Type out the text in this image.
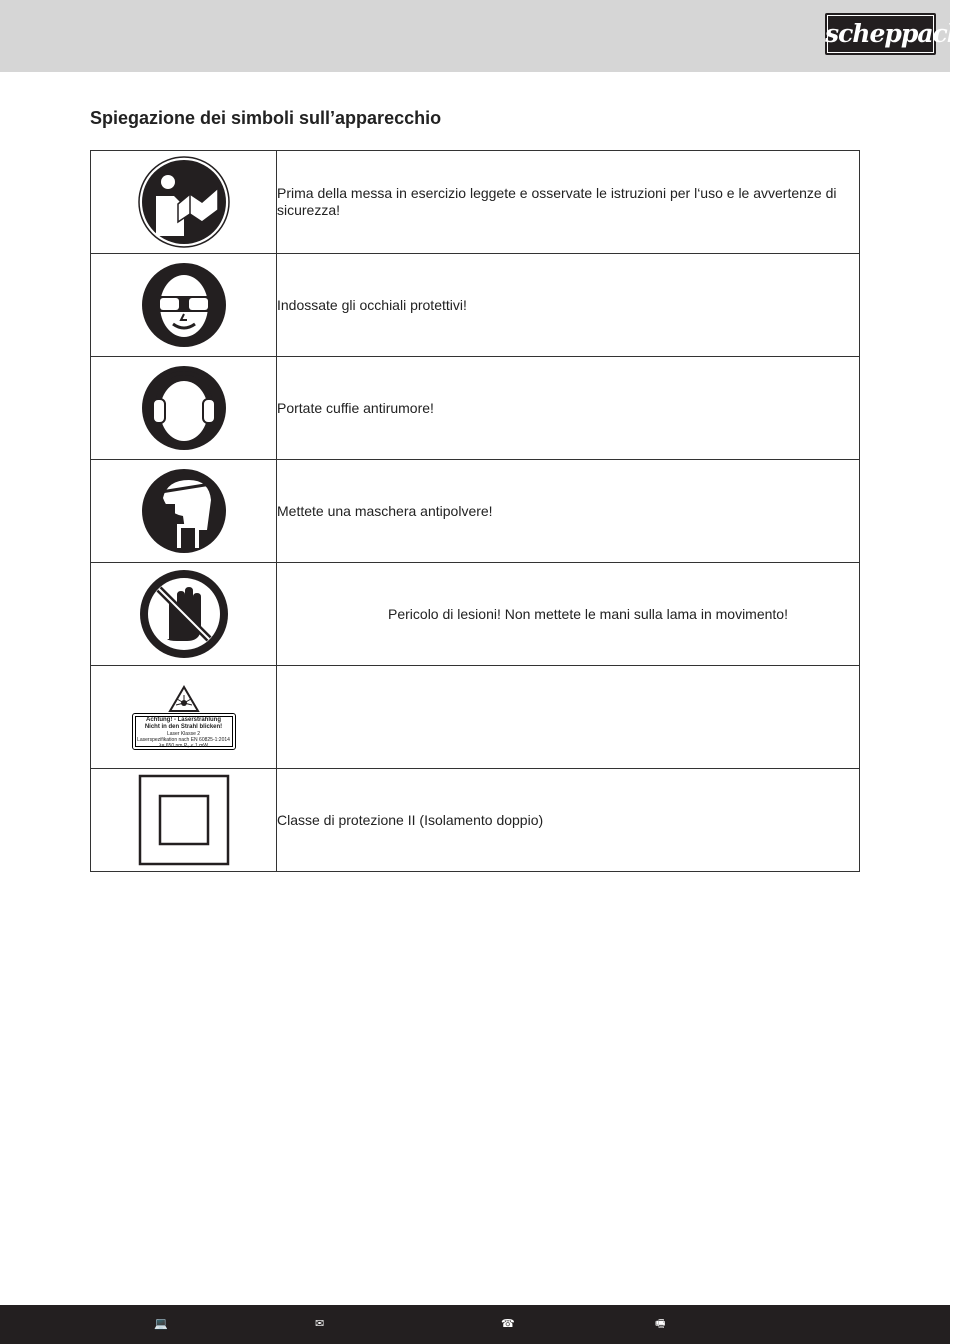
scheppach
Spiegazione dei simboli sull’apparecchio
	Prima della messa in esercizio leggete e osservate le istruzioni per l‘uso e le avvertenze di sicurezza!

	Indossate gli occhiali protettivi!

	Portate cuffie antirumore!

	Mettete una maschera antipolvere!

	Pericolo di lesioni! Non mettete le mani sulla lama in movimento!

Achtung! - Laserstrahlung
Nicht in den Strahl blicken!
Laser Klasse 2
Laserspezifikation nach EN 60825-1:2014
λ= 650 nm P₀ < 1 mW	

	Classe di protezione II (Isolamento doppio)
💻	✉	☎	🖷
